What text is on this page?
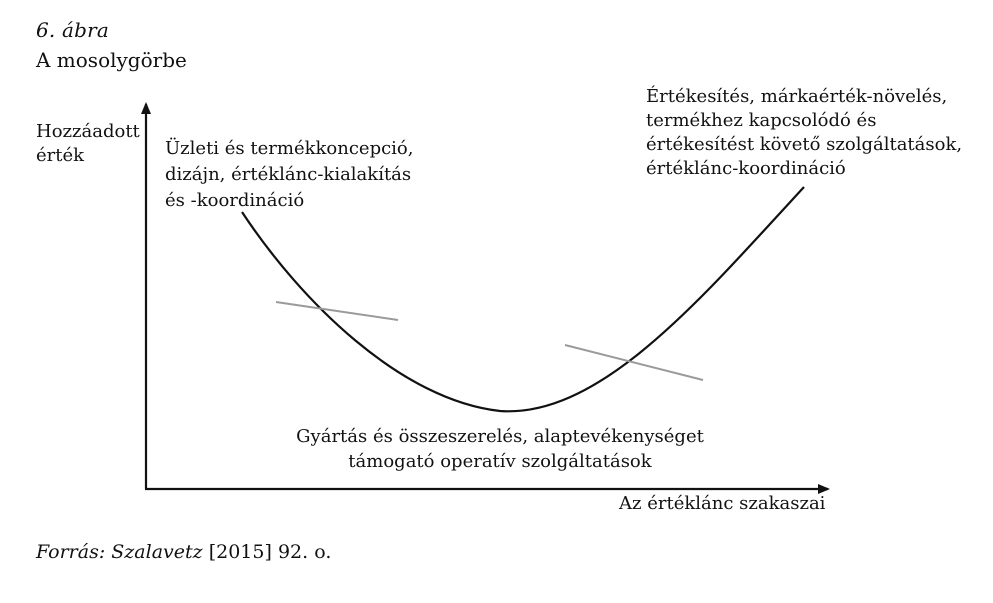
6. ábra
A mosolygörbe
Hozzáadott
érték
Az értéklánc szakaszai
Üzleti és termékkoncepció,
dizájn, értéklánc-kialakítás
és -koordináció
Értékesítés, márkaérték-növelés,
termékhez kapcsolódó és
értékesítést követő szolgáltatások,
értéklánc-koordináció
Gyártás és összeszerelés, alaptevékenységet
támogató operatív szolgáltatások
Forrás: Szalavetz [2015] 92. o.
